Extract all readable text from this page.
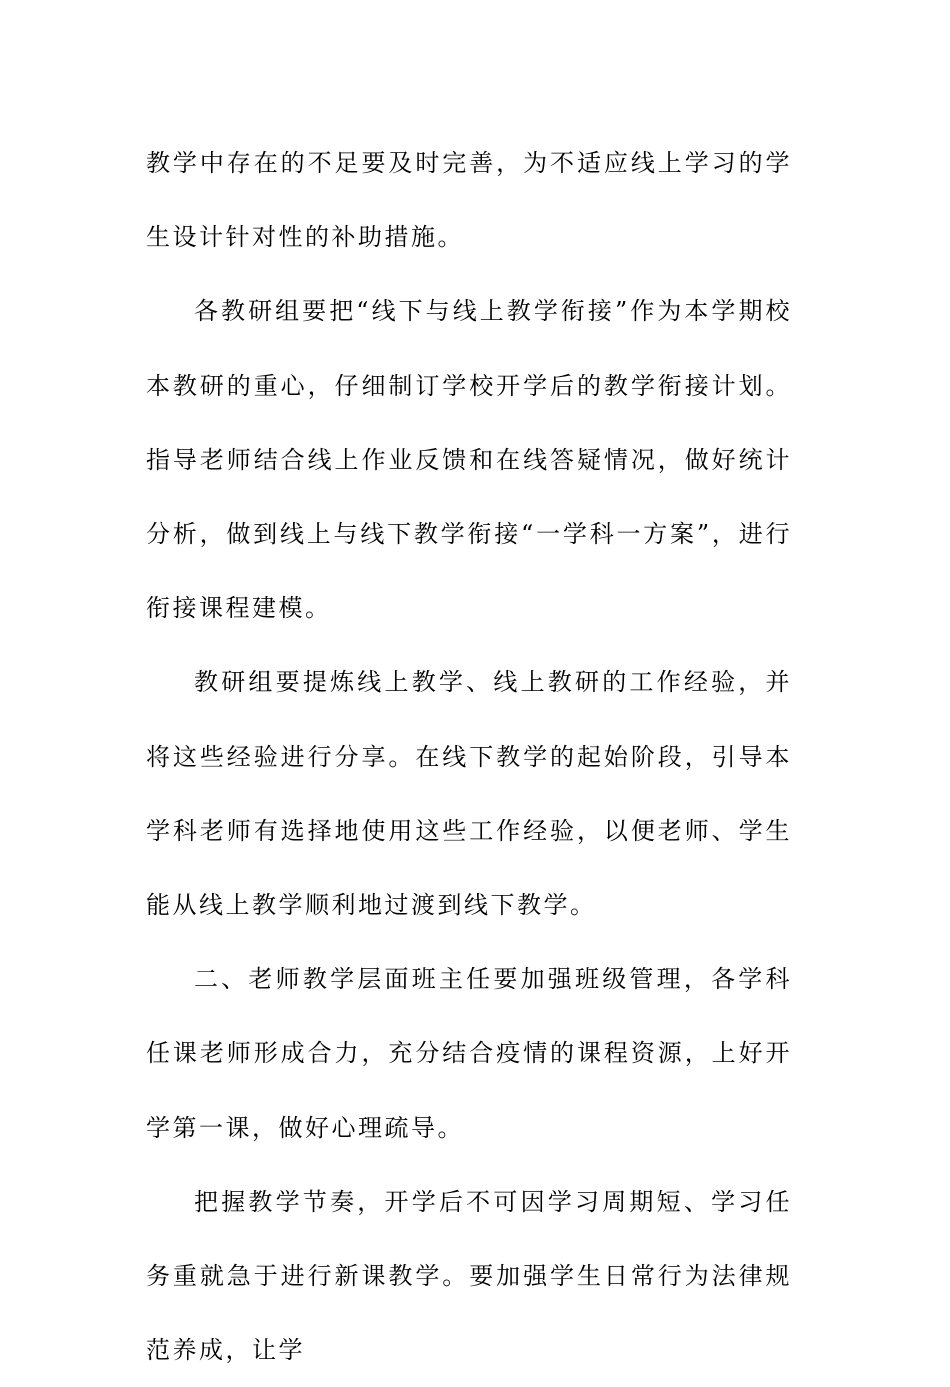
教学中存在的不足要及时完善，为不适应线上学习的学生设计针对性的补助措施。

各教研组要把“线下与线上教学衔接”作为本学期校本教研的重心，仔细制订学校开学后的教学衔接计划。指导老师结合线上作业反馈和在线答疑情况，做好统计分析，做到线上与线下教学衔接“一学科一方案”，进行衔接课程建模。

教研组要提炼线上教学、线上教研的工作经验，并将这些经验进行分享。在线下教学的起始阶段，引导本学科老师有选择地使用这些工作经验，以便老师、学生能从线上教学顺利地过渡到线下教学。

二、老师教学层面班主任要加强班级管理，各学科任课老师形成合力，充分结合疫情的课程资源，上好开学第一课，做好心理疏导。

把握教学节奏，开学后不可因学习周期短、学习任务重就急于进行新课教学。要加强学生日常行为法律规范养成，让学
